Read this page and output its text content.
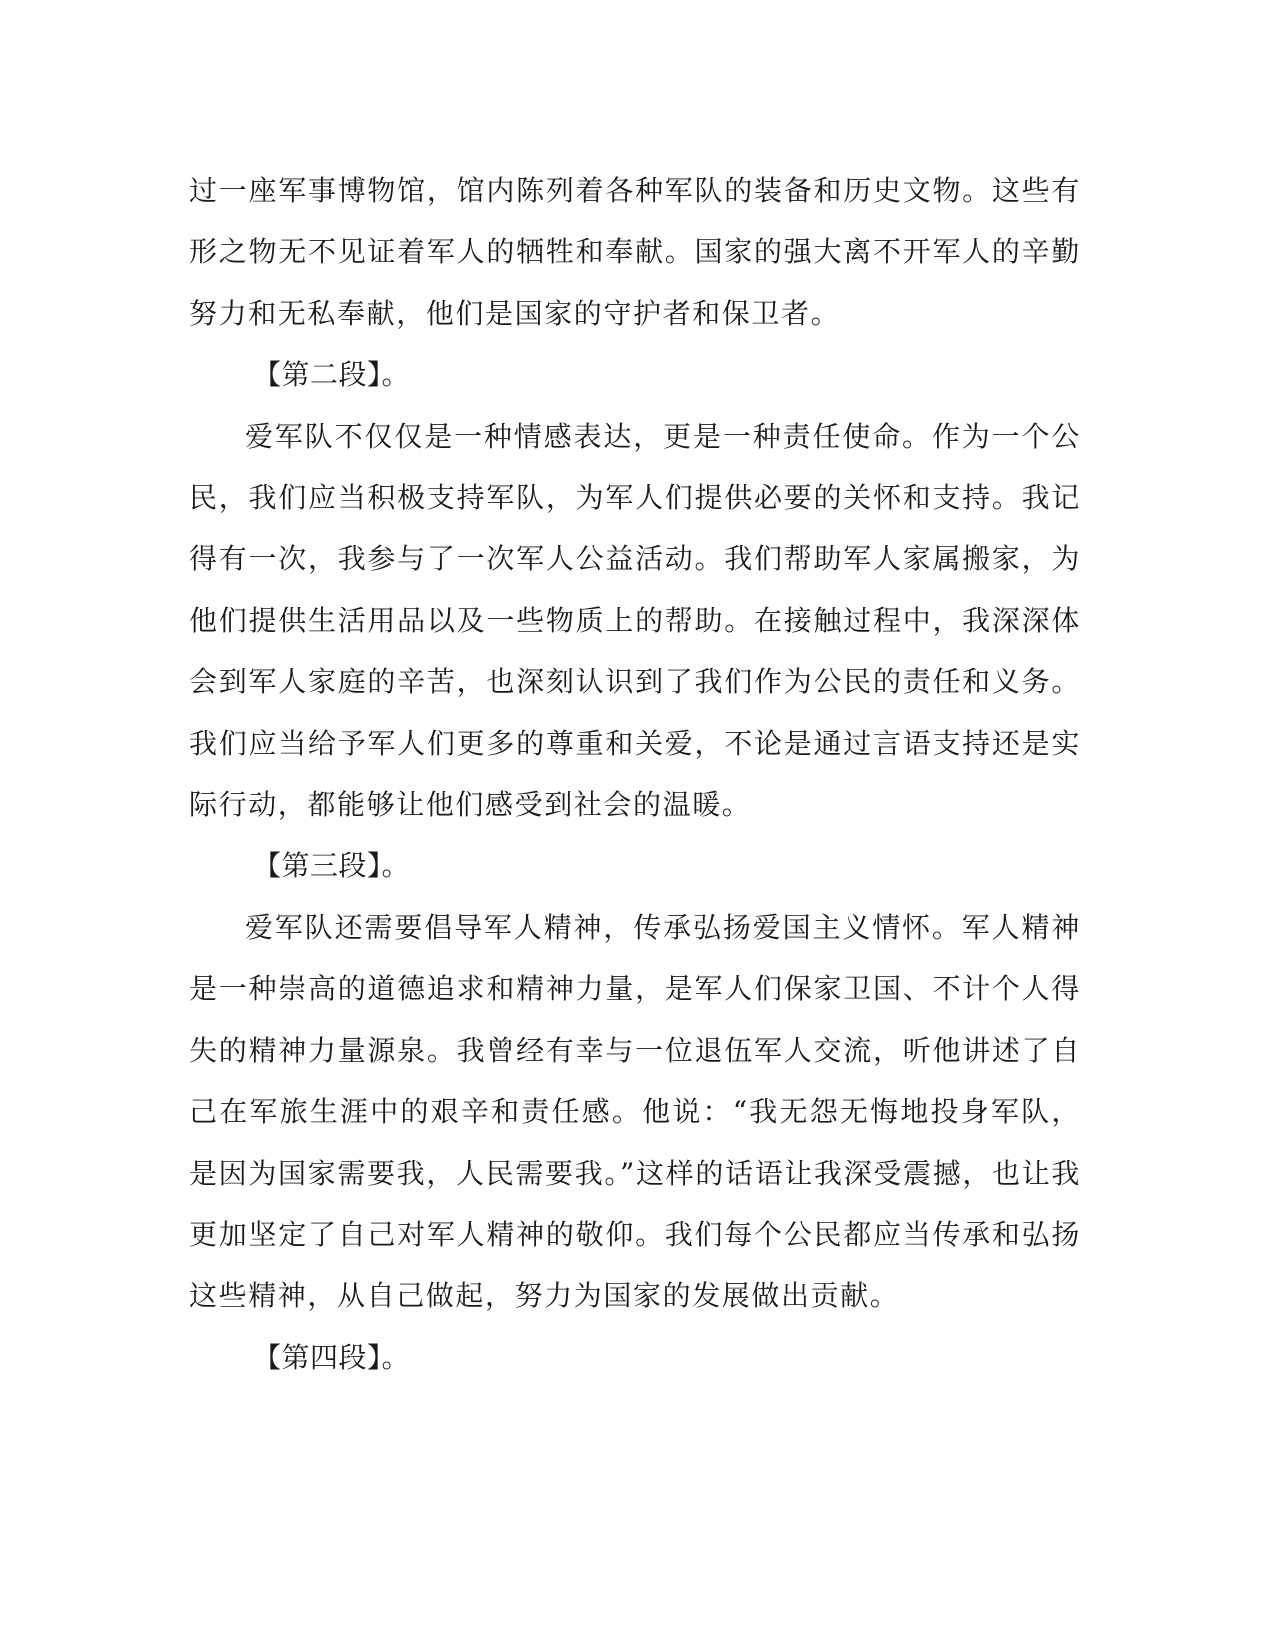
过一座军事博物馆，馆内陈列着各种军队的装备和历史文物。这些有形之物无不见证着军人的牺牲和奉献。国家的强大离不开军人的辛勤努力和无私奉献，他们是国家的守护者和保卫者。

【第二段】。

爱军队不仅仅是一种情感表达，更是一种责任使命。作为一个公民，我们应当积极支持军队，为军人们提供必要的关怀和支持。我记得有一次，我参与了一次军人公益活动。我们帮助军人家属搬家，为他们提供生活用品以及一些物质上的帮助。在接触过程中，我深深体会到军人家庭的辛苦，也深刻认识到了我们作为公民的责任和义务。我们应当给予军人们更多的尊重和关爱，不论是通过言语支持还是实际行动，都能够让他们感受到社会的温暖。

【第三段】。

爱军队还需要倡导军人精神，传承弘扬爱国主义情怀。军人精神是一种崇高的道德追求和精神力量，是军人们保家卫国、不计个人得失的精神力量源泉。我曾经有幸与一位退伍军人交流，听他讲述了自己在军旅生涯中的艰辛和责任感。他说：“我无怨无悔地投身军队，是因为国家需要我，人民需要我。”这样的话语让我深受震撼，也让我更加坚定了自己对军人精神的敬仰。我们每个公民都应当传承和弘扬这些精神，从自己做起，努力为国家的发展做出贡献。

【第四段】。
